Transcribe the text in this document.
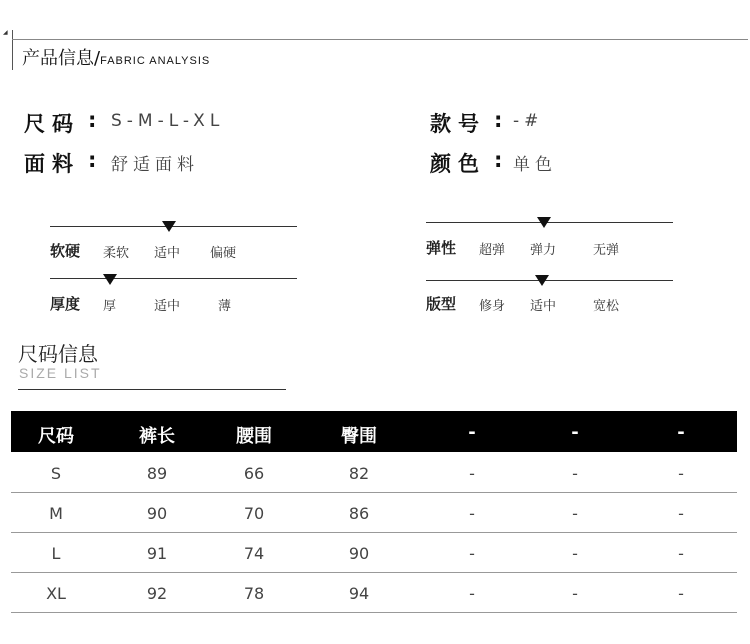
◢
产品信息/FABRIC ANALYSIS
尺码 : S-M-L-XL
面料 : 舒适面料
款号 : -#
颜色 : 单色
软硬 柔软 适中 偏硬
厚度 厚	适中	薄
弹性 超弹 弹力	无弹
版型 修身 适中	宽松
尺码信息
SIZE LIST
尺码	裤长	腰围	臀围	-	-	-
S	89	66	82	-	-	-
M	90	70	86	-	-	-
L	91	74	90	-	-	-
XL	92	78	94	-	-	-
